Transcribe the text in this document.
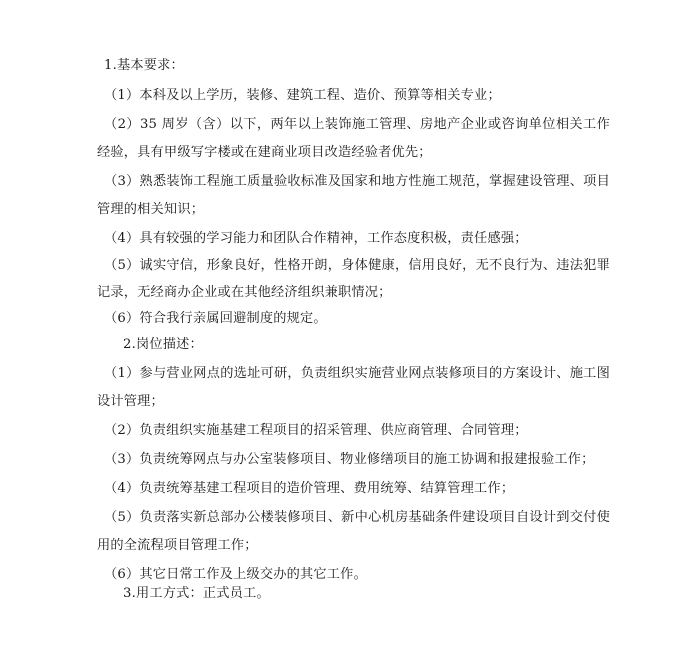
1.基本要求：
（1）本科及以上学历，装修、建筑工程、造价、预算等相关专业；
（2）35 周岁（含）以下，两年以上装饰施工管理、房地产企业或咨询单位相关工作
经验，具有甲级写字楼或在建商业项目改造经验者优先；
（3）熟悉装饰工程施工质量验收标准及国家和地方性施工规范，掌握建设管理、项目
管理的相关知识；
（4）具有较强的学习能力和团队合作精神，工作态度积极，责任感强；
（5）诚实守信，形象良好，性格开朗，身体健康，信用良好，无不良行为、违法犯罪
记录，无经商办企业或在其他经济组织兼职情况；
（6）符合我行亲属回避制度的规定。
2.岗位描述：
（1）参与营业网点的选址可研，负责组织实施营业网点装修项目的方案设计、施工图
设计管理；
（2）负责组织实施基建工程项目的招采管理、供应商管理、合同管理；
（3）负责统筹网点与办公室装修项目、物业修缮项目的施工协调和报建报验工作；
（4）负责统筹基建工程项目的造价管理、费用统筹、结算管理工作；
（5）负责落实新总部办公楼装修项目、新中心机房基础条件建设项目自设计到交付使
用的全流程项目管理工作；
（6）其它日常工作及上级交办的其它工作。
3.用工方式：正式员工。
